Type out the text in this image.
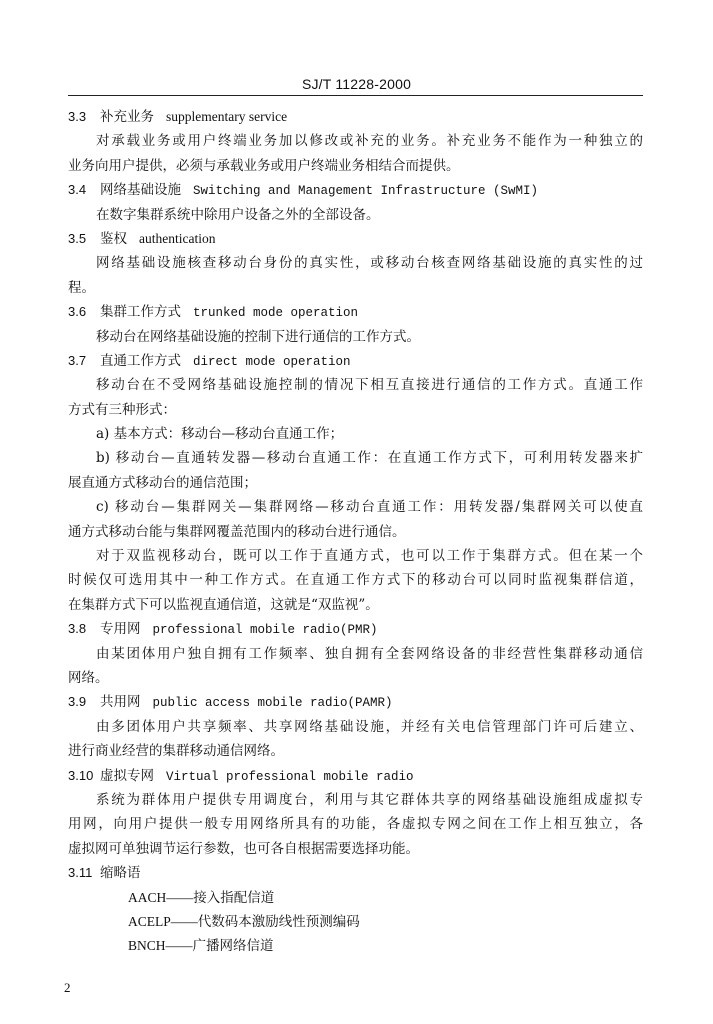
SJ/T 11228-2000
3.3 补充业务 supplementary service
对承载业务或用户终端业务加以修改或补充的业务。补充业务不能作为一种独立的
业务向用户提供，必须与承载业务或用户终端业务相结合而提供。
3.4 网络基础设施 Switching and Management Infrastructure (SwMI)
在数字集群系统中除用户设备之外的全部设备。
3.5 鉴权 authentication
网络基础设施核查移动台身份的真实性，或移动台核查网络基础设施的真实性的过
程。
3.6 集群工作方式 trunked mode operation
移动台在网络基础设施的控制下进行通信的工作方式。
3.7 直通工作方式 direct mode operation
移动台在不受网络基础设施控制的情况下相互直接进行通信的工作方式。直通工作
方式有三种形式：
a) 基本方式：移动台—移动台直通工作；
b) 移动台—直通转发器—移动台直通工作：在直通工作方式下，可利用转发器来扩
展直通方式移动台的通信范围；
c) 移动台—集群网关—集群网络—移动台直通工作：用转发器/集群网关可以使直
通方式移动台能与集群网覆盖范围内的移动台进行通信。
对于双监视移动台，既可以工作于直通方式，也可以工作于集群方式。但在某一个
时候仅可选用其中一种工作方式。在直通工作方式下的移动台可以同时监视集群信道，
在集群方式下可以监视直通信道，这就是“双监视”。
3.8 专用网 professional mobile radio(PMR)
由某团体用户独自拥有工作频率、独自拥有全套网络设备的非经营性集群移动通信
网络。
3.9 共用网 public access mobile radio(PAMR)
由多团体用户共享频率、共享网络基础设施，并经有关电信管理部门许可后建立、
进行商业经营的集群移动通信网络。
3.10 虚拟专网 Virtual professional mobile radio
系统为群体用户提供专用调度台，利用与其它群体共享的网络基础设施组成虚拟专
用网，向用户提供一般专用网络所具有的功能，各虚拟专网之间在工作上相互独立，各
虚拟网可单独调节运行参数，也可各自根据需要选择功能。
3.11 缩略语
AACH——接入指配信道
ACELP——代数码本激励线性预测编码
BNCH——广播网络信道
2
